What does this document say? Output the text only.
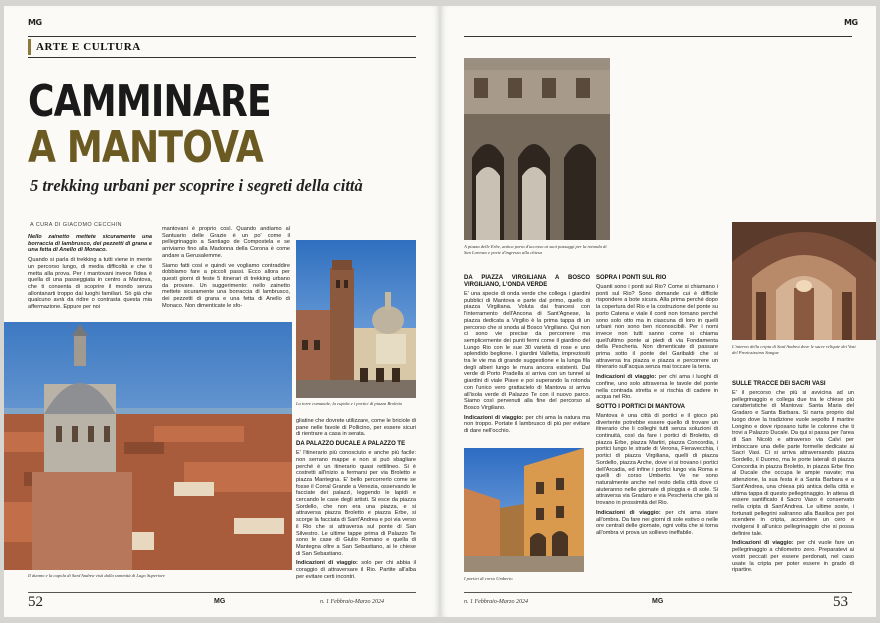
MG
ARTE E CULTURA
CAMMINARE
A MANTOVA
5 trekking urbani per scoprire i segreti della città
A CURA DI GIACOMO CECCHIN

Nello zainetto mettete sicuramente una borraccia di lambrusco, dei pezzetti di grana e una fetta di Anello di Monaco.

Quando si parla di trekking a tutti viene in mente un percorso lungo, di media difficoltà e che ti metta alla prova. Per i mantovani invece l'idea è quella di una passeggiata in centro a Mantova, che ti consenta di scoprire il mondo senza allontanarti troppo dai luoghi familiari. Sò già che qualcuno avrà da ridire o contrasta questa mia affermazione. Eppure per noi

mantovani è proprio così. Quando andiamo al Santuario delle Grazie è un po' come il pellegrinaggio a Santiago de Compostela e se arriviamo fino alla Madonna della Corona è come andare a Gerusalemme.

Siamo fatti così e quindi ve vogliamo contraddire dobbiamo fare a piccoli passi. Ecco allora per questi giorni di feste 5 itinerari di trekking urbano da provare. Un suggerimento: nello zainetto mettete sicuramente una borraccia di lambrusco, dei pezzetti di grana e una fetta di Anello di Monaco. Non dimenticate le sfo-

La torre comunale, la cupola e i portici di piazza Broletto
Il duomo e la cupola di Sant'Andrea visti dalla sommità di Lago Superiore

gliatine che dovrete utilizzare, come le briciole di pane nelle favole di Pollicino, per essere sicuri di rientrare a casa in serata.

DA PALAZZO DUCALE A PALAZZO TE

E' l'itinerario più conosciuto e anche più facile: non serrano mappe e non si può sbagliare perché è un itinerario quasi rettilineo. Si è costretti all'inizio a fermarsi per via Broletto e piazza Mantegna. E' bello percorrerlo come se fosse il Corral Grande a Venezia, osservando le facciate dei palazzi, leggendo le lapidi e cercando le case degli artisti. Si esce da piazza Sordello, che non era una piazza, e si attraversa piazza Broletto e piazza Erbe, si scorge la facciata di Sant'Andrea e poi via verso il Rio che si attraversa sul ponte di San Silvestro. Le ultime tappe prima di Palazzo Te sono le case di Giulio Romano e quella di Mantegna oltre a San Sebastiano, ai le chiese di San Sebastiano.

Indicazioni di viaggio: solo per chi abbia il coraggio di attraversare il Rio. Partite all'alba per evitare certi incontri.

52	MG	n. 1 Febbraio-Marzo 2024
MG
A piazza delle Erbe, antica porta d'accesso ai suoi passaggi per la rotonda di San Lorenzo e porte d'ingresso alla chiesa
DA PIAZZA VIRGILIANA A BOSCO VIRGILIANO, L'ONDA VERDE

E' una specie di onda verde che collega i giardini pubblici di Mantova e parte dal primo, quello di piazza Virgiliana. Voluta dai francesi con l'interramento dell'Ancona di Sant'Agnese, la piazza dedicata a Virgilio è la prima tappa di un percorso che si snoda al Bosco Virgiliano. Qui non ci sono vie precise da percorrere ma semplicemente dei punti fermi come il giardino del Lungo Rio con le sue 30 varietà di rose e uno splendido beglione. I giardini Valletta, impreziositi tra le vie ma di grande suggestione e la lunga fila degli alberi lungo le mura ancora esistenti. Dal verde di Porto Pradella si arriva con un tunnel ai giardini di viale Piave e poi superando la rotonda con l'unico vero grattacielo di Mantova si arriva all'isola verde di Palazzo Te con il nuovo parco. Siamo così pervenuti alla fine del percorso al Bosco Virgiliano.

Indicazioni di viaggio: per chi ama la natura ma non troppo. Portate il lambrusco di più per evitare di dare nell'occhio.

I portici di corso Umberto
SOPRA I PONTI SUL RIO

Quanti sono i ponti sul Rio? Come si chiamano i ponti sul Rio? Sono domande cui è difficile rispondere a bote sicura. Alla prima perché dopo la copertura del Rio e la costruzione del ponte su porto Catena e viale il conti non tornano perché sono solo otto ma in ciascuna di loro in quelli urbani non sono ben riconoscibili. Per i nomi invece non tutti sanno come si chiama quell'ultimo ponte ai piedi di via Fondamenta della Pescheria. Non dimenticate di passare prima sotto il ponte del Garibaldi che si attraversa tra piazza e piazza e percorrere un itinerario sull'acqua senza mai toccare la terra.

Indicazioni di viaggio: per chi ama i luoghi di confine, uno solo attraversa le tavole del ponte nella contrada stretta e si rischia di cadere in acqua nel Rio.

SOTTO I PORTICI DI MANTOVA

Mantova è una città di portici e il gioco più divertente potrebbe essere quello di trovare un itinerario che li colleghi tutti senza soluzioni di continuità, così da fare i portici di Broletto, di piazza Erbe, piazza Martiri, piazza Concordia, i portici lungo le strade di Verona, Fieravecchia, i portici di piazza Virgiliana, quelli di piazza Sordello, piazza Arche, dove vi si trovano i portici dell'Arcadia, ed infine i portici lungo via Roma e quelli di corso Umberto. Ve ne sono naturalmente anche nel resto della città dove ci aiuteranno nelle giornate di pioggia e di sole. Si attraversa via Gradaro e via Pescheria che già si trovano in prossimità del Rio.

Indicazioni di viaggio: per chi ama stare all'ombra. Da fare nei giorni di sole estivo o nelle ore centrali delle giornate, ogni volta che si torna all'ombra vi prova un sollievo ineffabile.

L'interno della cripta di Sant'Andrea dove le sacre reliquie dei Vasi del Preziosissimo Sangue
SULLE TRACCE DEI SACRI VASI

E' il percorso che più si avvicina ad un pellegrinaggio e collega due tra le chiese più caratteristiche di Mantova: Santa Maria del Gradaro e Santa Barbara. Si narra proprio dal luogo dove la tradizione vuole sepolto il martire Longino e dove riposano tutte le colonne che ti trovi a Palazzo Ducale. Da qui si passa per l'area di San Nicolò e attraverso via Calvi per imboccare una delle parte formelle dedicate ai Sacri Vasi. Ci si arriva attraversando piazza Sordello, il Duomo, ma le porte laterali di piazza Concordia in piazza Broletto, in piazza Erbe fino al Ducale che occupa le ampie navate; ma attenzione, la sua festa è a Santa Barbara e a Sant'Andrea, una chiesa più antica della città e ultima tappa di questo pellegrinaggio. In attesa di essere santificato il Sacro Vaso è conservato nella cripta di Sant'Andrea. Le ultime soste, i fortunati pellegrini saliranno alla Basilica per poi scendere in cripta, accendere un cero e rivolgersi lì all'unico pellegrinaggio che si possa definire tale.

Indicazioni di viaggio: per chi vuole fare un pellegrinaggio a chilometro zero. Preparatevi ai vostri peccati per essere perdonati, nel caso usate la cripta per poter essere in grado di ripartire.

n. 1 Febbraio-Marzo 2024	MG	53
